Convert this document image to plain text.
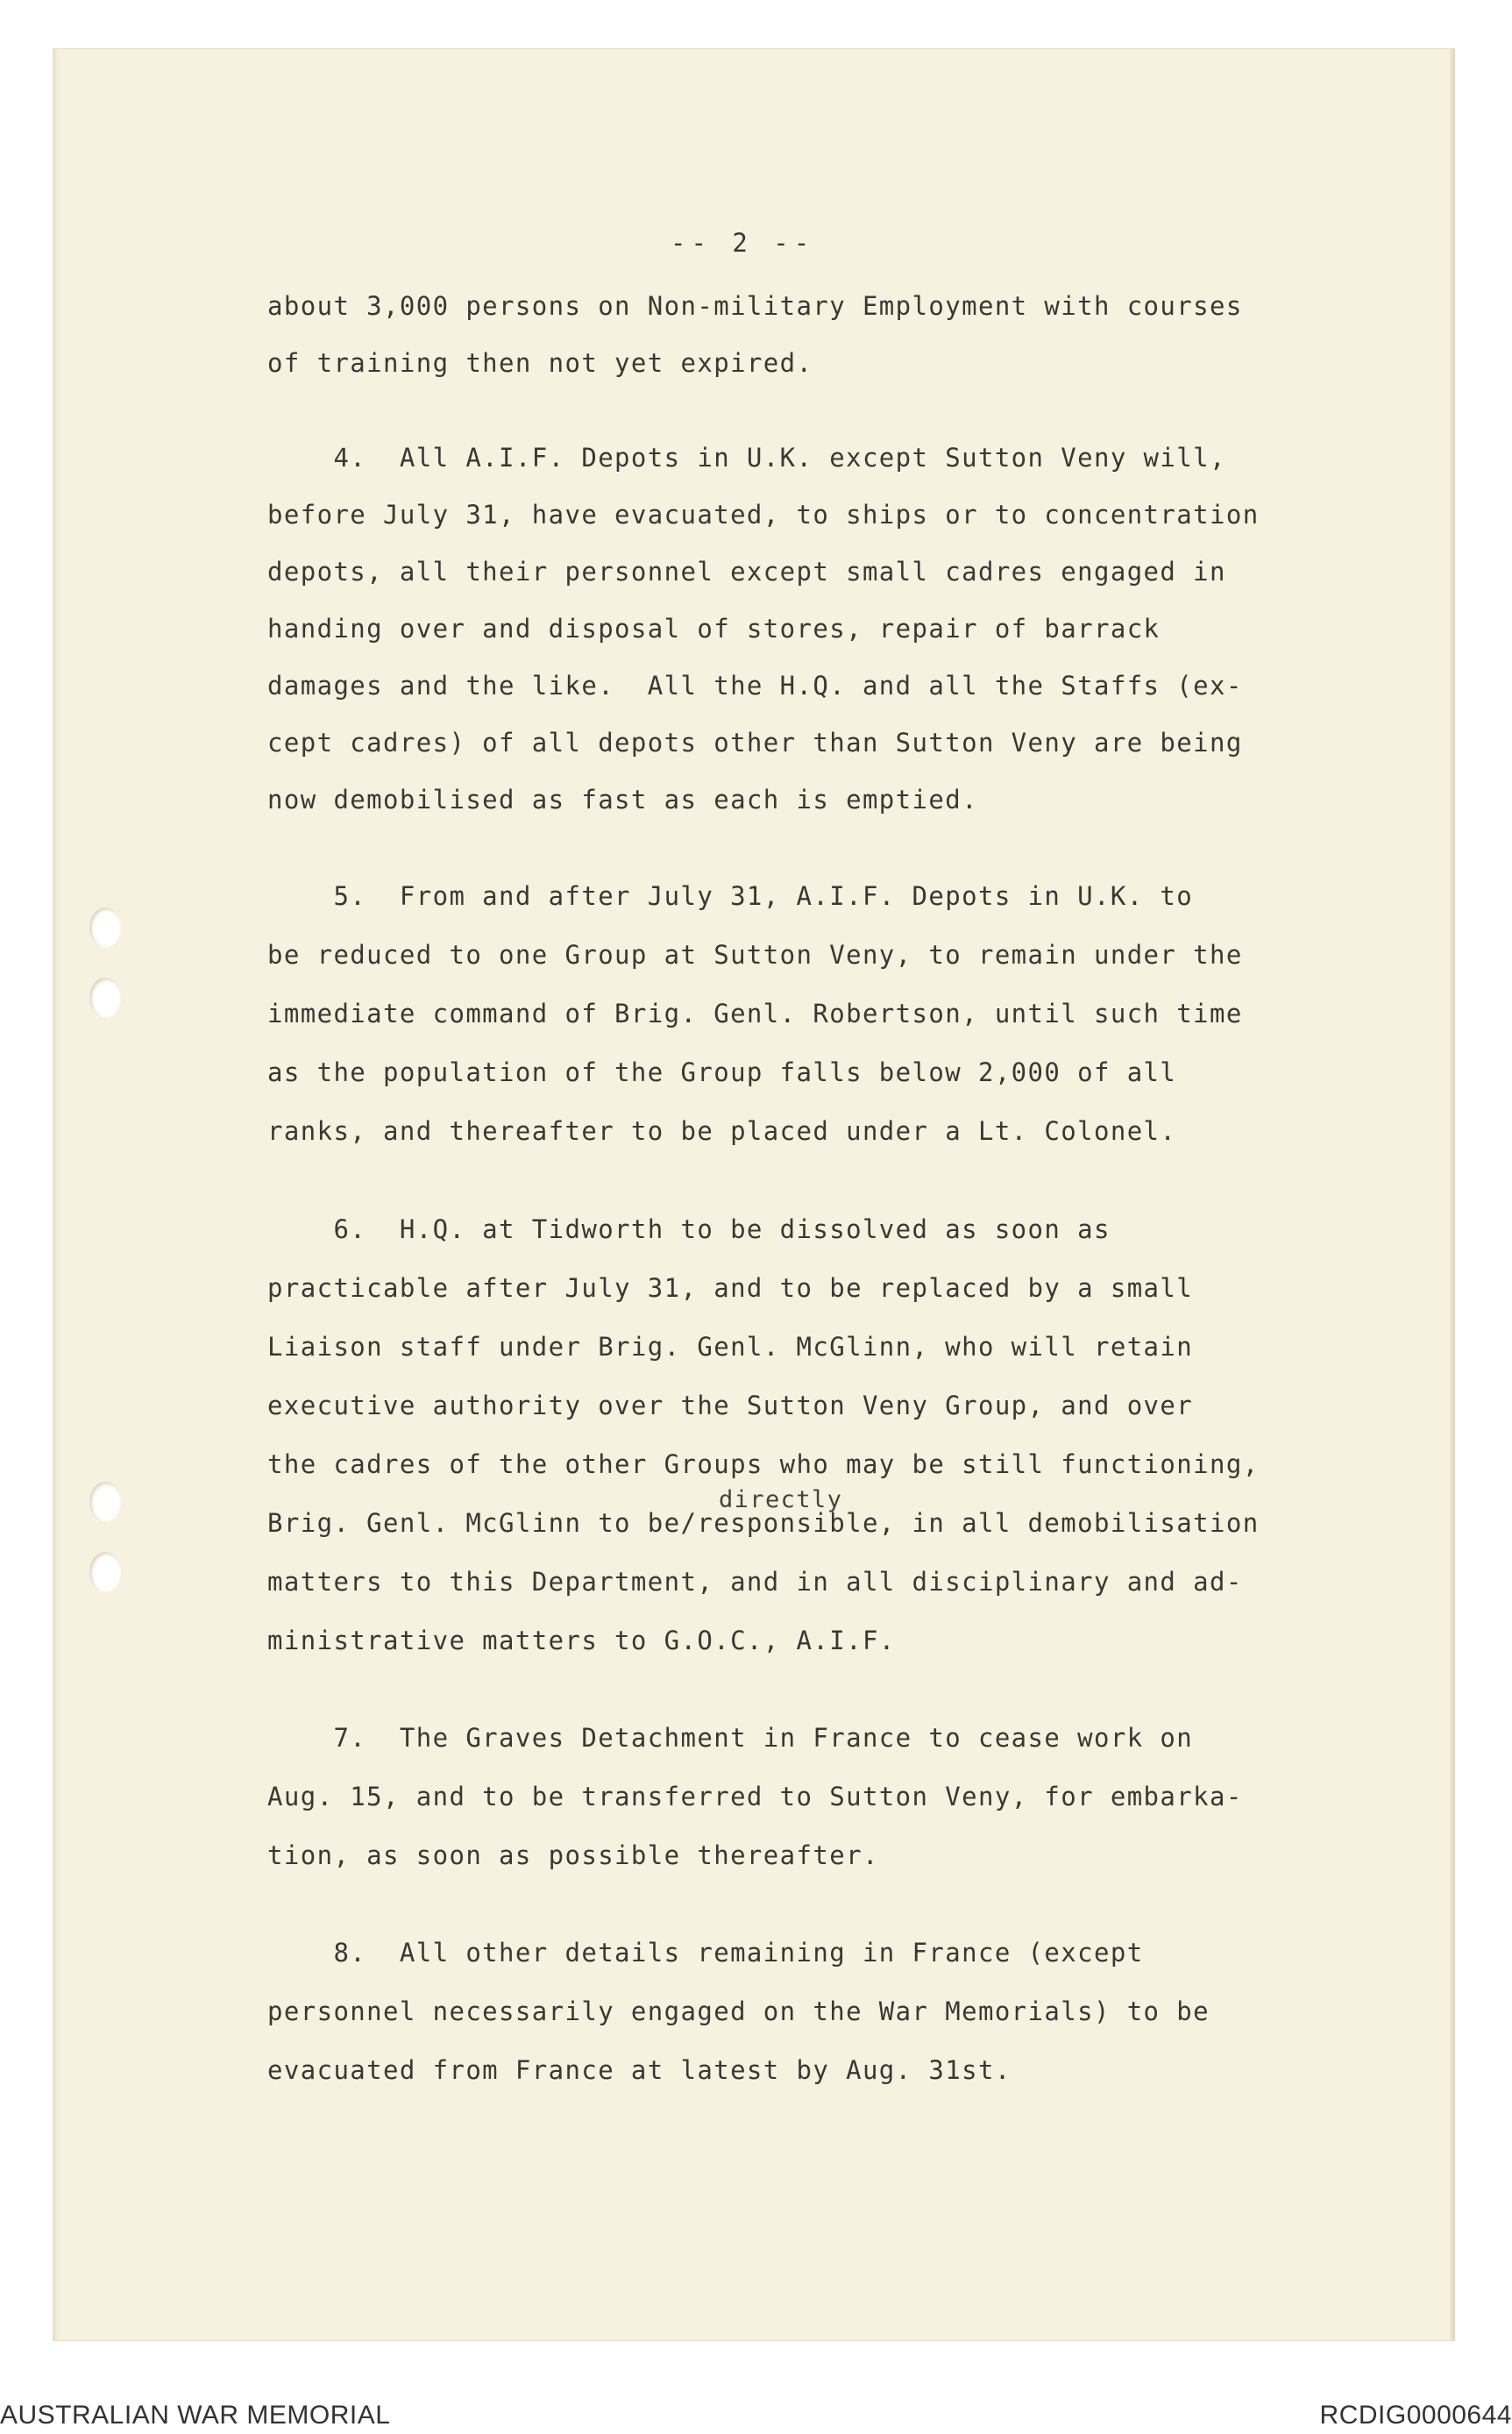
-- 2 --

about 3,000 persons on Non-military Employment with courses

of training then not yet expired.

4.  All A.I.F. Depots in U.K. except Sutton Veny will,

before July 31, have evacuated, to ships or to concentration

depots, all their personnel except small cadres engaged in

handing over and disposal of stores, repair of barrack

damages and the like.  All the H.Q. and all the Staffs (ex-

cept cadres) of all depots other than Sutton Veny are being

now demobilised as fast as each is emptied.

5.  From and after July 31, A.I.F. Depots in U.K. to

be reduced to one Group at Sutton Veny, to remain under the

immediate command of Brig. Genl. Robertson, until such time

as the population of the Group falls below 2,000 of all

ranks, and thereafter to be placed under a Lt. Colonel.

6.  H.Q. at Tidworth to be dissolved as soon as

practicable after July 31, and to be replaced by a small

Liaison staff under Brig. Genl. McGlinn, who will retain

executive authority over the Sutton Veny Group, and over

the cadres of the other Groups who may be still functioning,

directly

Brig. Genl. McGlinn to be/responsible, in all demobilisation

matters to this Department, and in all disciplinary and ad-

ministrative matters to G.O.C., A.I.F.

7.  The Graves Detachment in France to cease work on

Aug. 15, and to be transferred to Sutton Veny, for embarka-

tion, as soon as possible thereafter.

8.  All other details remaining in France (except

personnel necessarily engaged on the War Memorials) to be

evacuated from France at latest by Aug. 31st.

AUSTRALIAN WAR MEMORIAL	RCDIG0000644
